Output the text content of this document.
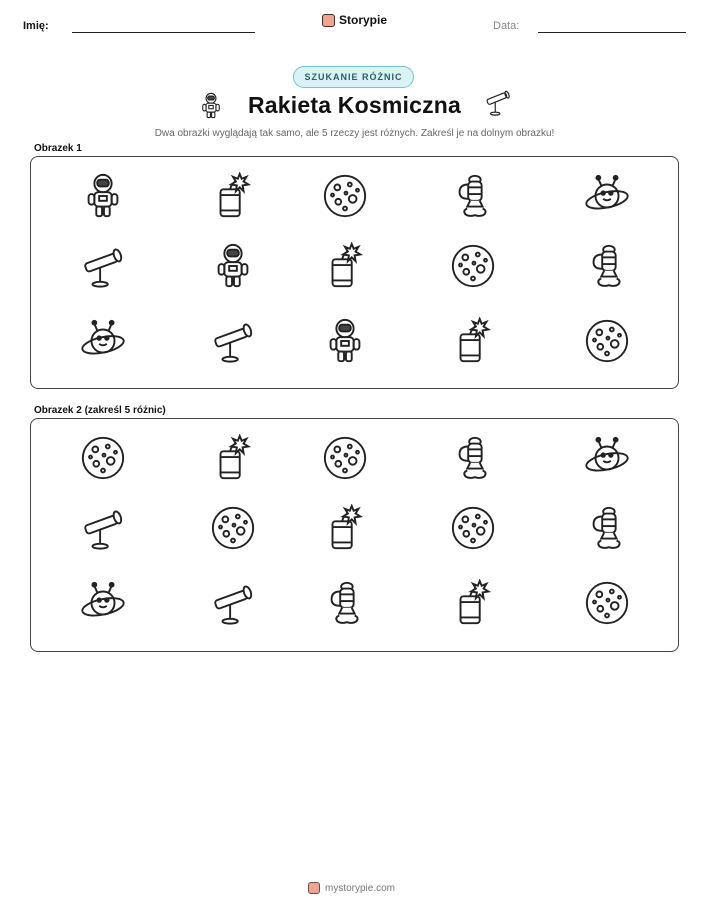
Imię:	Storypie	Data:
SZUKANIE RÓŻNIC
Rakieta Kosmiczna
Dwa obrazki wyglądają tak samo, ale 5 rzeczy jest różnych. Zakreśl je na dolnym obrazku!
Obrazek 1
Obrazek 2 (zakreśl 5 różnic)
mystorypie.com
